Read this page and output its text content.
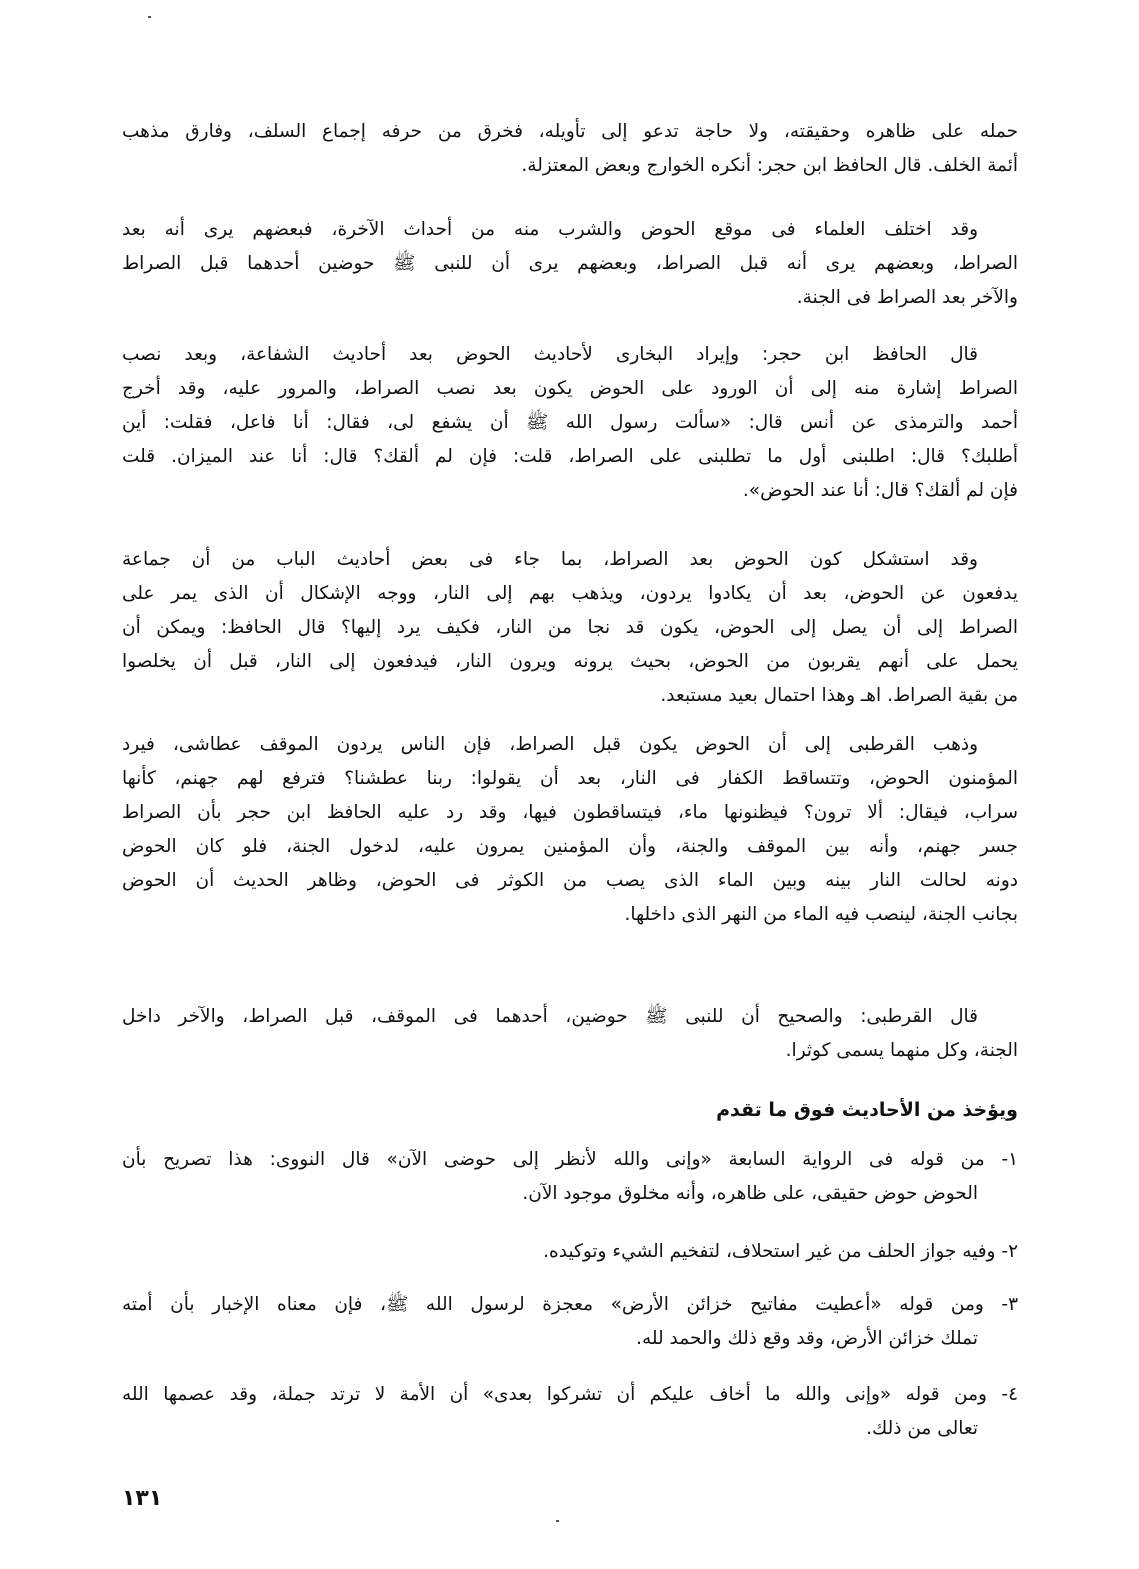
حمله على ظاهره وحقيقته، ولا حاجة تدعو إلى تأويله، فخرق من حرفه إجماع السلف، وفارق مذهب
أئمة الخلف. قال الحافظ ابن حجر: أنكره الخوارج وبعض المعتزلة.
وقد اختلف العلماء فى موقع الحوض والشرب منه من أحداث الآخرة، فبعضهم يرى أنه بعد
الصراط، وبعضهم يرى أنه قبل الصراط، وبعضهم يرى أن للنبى ﷺ حوضين أحدهما قبل الصراط
والآخر بعد الصراط فى الجنة.
قال الحافظ ابن حجر: وإيراد البخارى لأحاديث الحوض بعد أحاديث الشفاعة، وبعد نصب
الصراط إشارة منه إلى أن الورود على الحوض يكون بعد نصب الصراط، والمرور عليه، وقد أخرج
أحمد والترمذى عن أنس قال: «سألت رسول الله ﷺ أن يشفع لى، فقال: أنا فاعل، فقلت: أين
أطلبك؟ قال: اطلبنى أول ما تطلبنى على الصراط، قلت: فإن لم ألقك؟ قال: أنا عند الميزان. قلت
فإن لم ألقك؟ قال: أنا عند الحوض».
وقد استشكل كون الحوض بعد الصراط، بما جاء فى بعض أحاديث الباب من أن جماعة
يدفعون عن الحوض، بعد أن يكادوا يردون، ويذهب بهم إلى النار، ووجه الإشكال أن الذى يمر على
الصراط إلى أن يصل إلى الحوض، يكون قد نجا من النار، فكيف يرد إليها؟ قال الحافظ: ويمكن أن
يحمل على أنهم يقربون من الحوض، بحيث يرونه ويرون النار، فيدفعون إلى النار، قبل أن يخلصوا
من بقية الصراط. اهـ وهذا احتمال بعيد مستبعد.
وذهب القرطبى إلى أن الحوض يكون قبل الصراط، فإن الناس يردون الموقف عطاشى، فيرد
المؤمنون الحوض، وتتساقط الكفار فى النار، بعد أن يقولوا: ربنا عطشنا؟ فترفع لهم جهنم، كأنها
سراب، فيقال: ألا ترون؟ فيظنونها ماء، فيتساقطون فيها، وقد رد عليه الحافظ ابن حجر بأن الصراط
جسر جهنم، وأنه بين الموقف والجنة، وأن المؤمنين يمرون عليه، لدخول الجنة، فلو كان الحوض
دونه لحالت النار بينه وبين الماء الذى يصب من الكوثر فى الحوض، وظاهر الحديث أن الحوض
بجانب الجنة، لينصب فيه الماء من النهر الذى داخلها.
قال القرطبى: والصحيح أن للنبى ﷺ حوضين، أحدهما فى الموقف، قبل الصراط، والآخر داخل
الجنة، وكل منهما يسمى كوثرا.
ويؤخذ من الأحاديث فوق ما تقدم
١- من قوله فى الرواية السابعة «وإنى والله لأنظر إلى حوضى الآن» قال النووى: هذا تصريح بأن
الحوض حوض حقيقى، على ظاهره، وأنه مخلوق موجود الآن.
٢- وفيه جواز الحلف من غير استحلاف، لتفخيم الشيء وتوكيده.
٣- ومن قوله «أعطيت مفاتيح خزائن الأرض» معجزة لرسول الله ﷺ، فإن معناه الإخبار بأن أمته
تملك خزائن الأرض، وقد وقع ذلك والحمد لله.
٤- ومن قوله «وإنى والله ما أخاف عليكم أن تشركوا بعدى» أن الأمة لا ترتد جملة، وقد عصمها الله
تعالى من ذلك.
١٣١
